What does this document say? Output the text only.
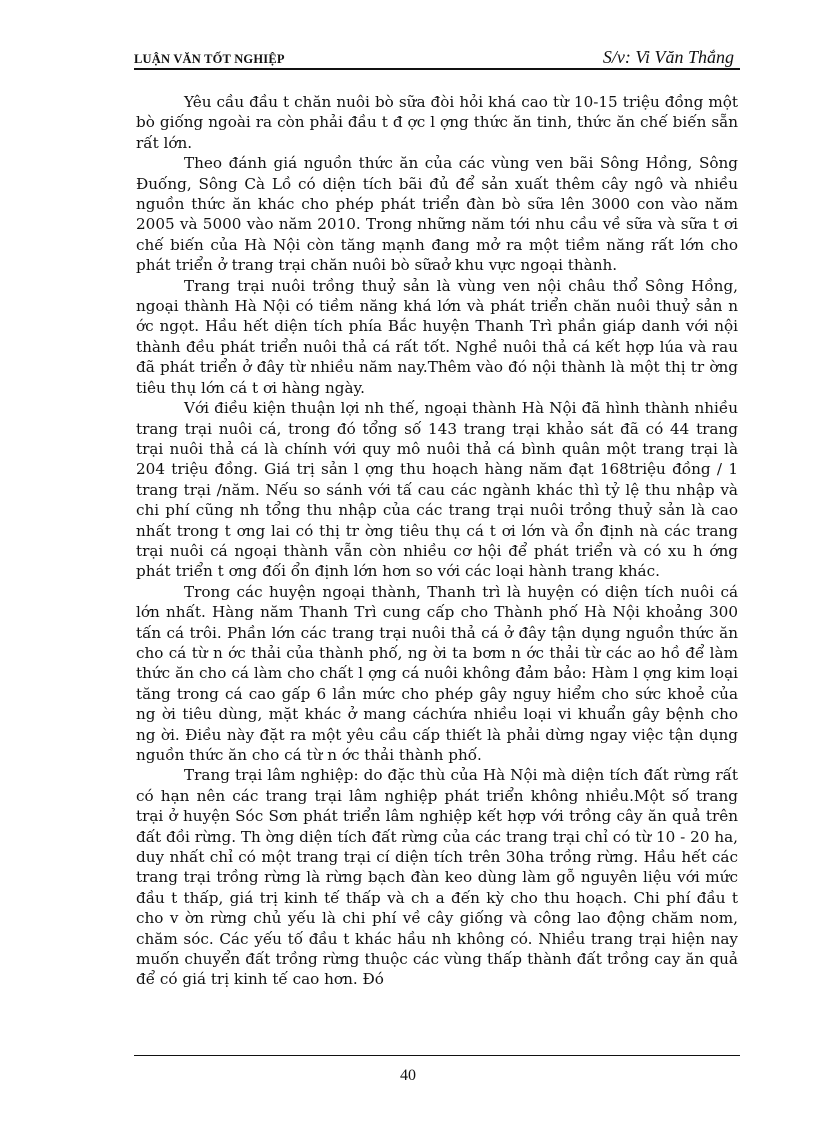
LUẬN VĂN TỐT NGHIỆP	S/v: Vi Văn Thắng

Yêu cầu đầu t chăn nuôi bò sữa đòi hỏi khá cao từ 10-15 triệu đồng một bò giống ngoài ra còn phải đầu t đ ợc l ợng thức ăn tinh, thức ăn chế biến sẵn rất lớn.

Theo đánh giá nguồn thức ăn của các vùng ven bãi Sông Hồng, Sông Đuống, Sông Cà Lồ có diện tích bãi đủ để sản xuất thêm cây ngô và nhiều nguồn thức ăn khác cho phép phát triển đàn bò sữa lên 3000 con vào năm 2005 và 5000 vào năm 2010. Trong những năm tới nhu cầu về sữa và sữa t ơi chế biến của Hà Nội còn tăng mạnh đang mở ra một tiềm năng rất lớn cho phát triển ở trang trại chăn nuôi bò sữaở khu vực ngoại thành.

Trang trại nuôi trồng thuỷ sản là vùng ven nội châu thổ Sông Hồng, ngoại thành Hà Nội có tiềm năng khá lớn và phát triển chăn nuôi thuỷ sản n ớc ngọt. Hầu hết diện tích phía Bắc huyện Thanh Trì phần giáp danh với nội thành đều phát triển nuôi thả cá rất tốt. Nghề nuôi thả cá kết hợp lúa và rau đã phát triển ở đây từ nhiều năm nay.Thêm vào đó nội thành là một thị tr ờng tiêu thụ lớn cá t ơi hàng ngày.

Với điều kiện thuận lợi nh thế, ngoại thành Hà Nội đã hình thành nhiều trang trại nuôi cá, trong đó tổng số 143 trang trại khảo sát đã có 44 trang trại nuôi thả cá là chính với quy mô nuôi thả cá bình quân một trang trại là 204 triệu đồng. Giá trị sản l ợng thu hoạch hàng năm đạt 168triệu đồng / 1 trang trại /năm. Nếu so sánh với tấ cau các ngành khác thì tỷ lệ thu nhập và chi phí cũng nh tổng thu nhập của các trang trại nuôi trồng thuỷ sản là cao nhất trong t ơng lai có thị tr ờng tiêu thụ cá t ơi lớn và ổn định nà các trang trại nuôi cá ngoại thành vẫn còn nhiều cơ hội để phát triển và có xu h ớng phát triển t ơng đối ổn định lớn hơn so với các loại hành trang khác.

Trong các huyện ngoại thành, Thanh trì là huyện có diện tích nuôi cá lớn nhất. Hàng năm Thanh Trì cung cấp cho Thành phố Hà Nội khoảng 300 tấn cá trôi. Phần lớn các trang trại nuôi thả cá ở đây tận dụng nguồn thức ăn cho cá từ n ớc thải của thành phố, ng ời ta bơm n ớc thải từ các ao hồ để làm thức ăn cho cá làm cho chất l ợng cá nuôi không đảm bảo: Hàm l ợng kim loại tăng trong cá cao gấp 6 lần mức cho phép gây nguy hiểm cho sức khoẻ của ng ời tiêu dùng, mặt khác ở mang cáchứa nhiều loại vi khuẩn gây bệnh cho ng ời. Điều này đặt ra một yêu cầu cấp thiết là phải dừng ngay việc tận dụng nguồn thức ăn cho cá từ n ớc thải thành phố.

Trang trại lâm nghiệp: do đặc thù của Hà Nội mà diện tích đất rừng rất có hạn nên các trang trại lâm nghiệp phát triển không nhiều.Một số trang trại ở huyện Sóc Sơn phát triển lâm nghiệp kết hợp với trồng cây ăn quả trên đất đồi rừng. Th ờng diện tích đất rừng của các trang trại chỉ có từ 10 - 20 ha, duy nhất chỉ có một trang trại cí diện tích trên 30ha trồng rừng. Hầu hết các trang trại trồng rừng là rừng bạch đàn keo dùng làm gỗ nguyên liệu với mức đầu t thấp, giá trị kinh tế thấp và ch a đến kỳ cho thu hoạch. Chi phí đầu t cho v ờn rừng chủ yếu là chi phí về cây giống và công lao động chăm nom, chăm sóc. Các yếu tố đầu t khác hầu nh không có. Nhiều trang trại hiện nay muốn chuyển đất trồng rừng thuộc các vùng thấp thành đất trồng cay ăn quả để có giá trị kinh tế cao hơn. Đó

40
